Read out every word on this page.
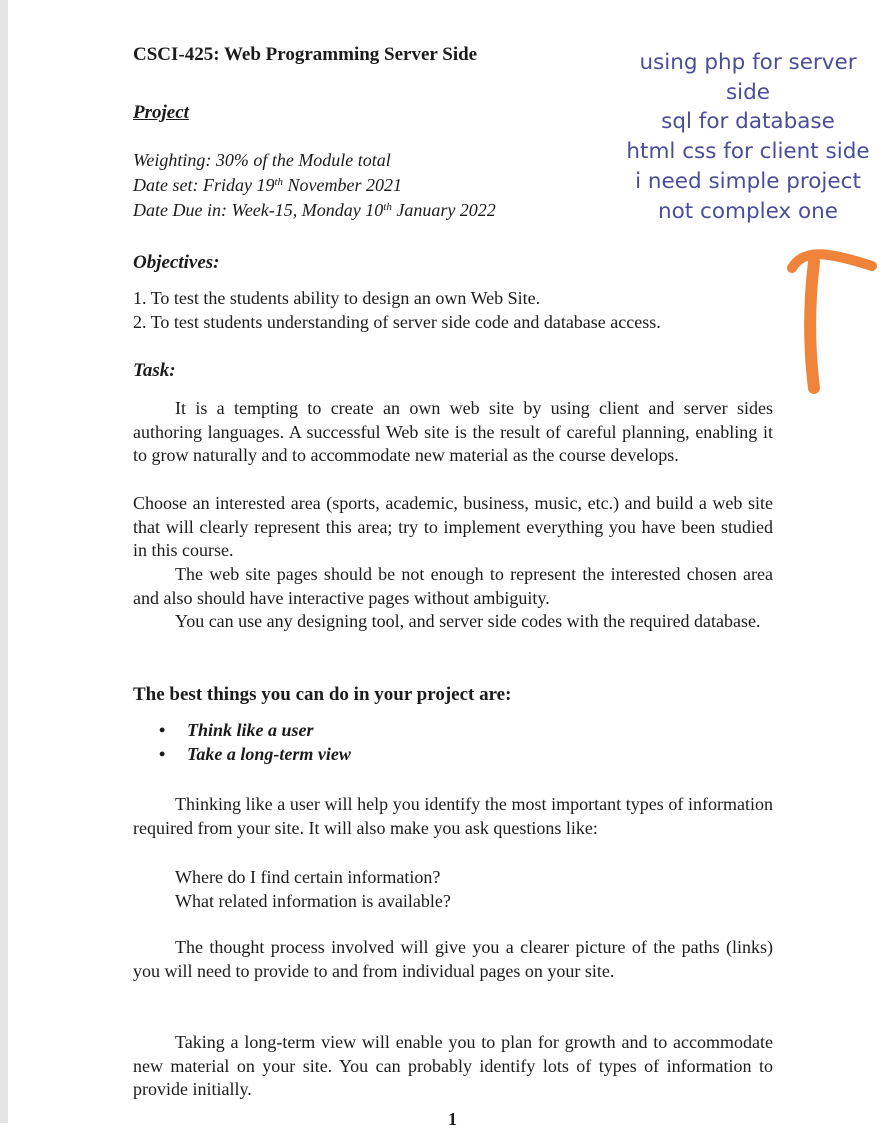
CSCI-425: Web Programming Server Side
Project
Weighting: 30% of the Module total
Date set: Friday 19th November 2021
Date Due in: Week-15, Monday 10th January 2022
Objectives:
1. To test the students ability to design an own Web Site.
2. To test students understanding of server side code and database access.
Task:
It is a tempting to create an own web site by using client and server sides authoring languages. A successful Web site is the result of careful planning, enabling it to grow naturally and to accommodate new material as the course develops.
Choose an interested area (sports, academic, business, music, etc.) and build a web site that will clearly represent this area; try to implement everything you have been studied in this course.
The web site pages should be not enough to represent the interested chosen area and also should have interactive pages without ambiguity.
You can use any designing tool, and server side codes with the required database.
The best things you can do in your project are:
• Think like a user
• Take a long-term view
Thinking like a user will help you identify the most important types of information required from your site. It will also make you ask questions like:
Where do I find certain information?
What related information is available?
The thought process involved will give you a clearer picture of the paths (links) you will need to provide to and from individual pages on your site.
Taking a long-term view will enable you to plan for growth and to accommodate new material on your site. You can probably identify lots of types of information to provide initially.
1
using php for server
side
sql for database
html css for client side
i need simple project
not complex one
